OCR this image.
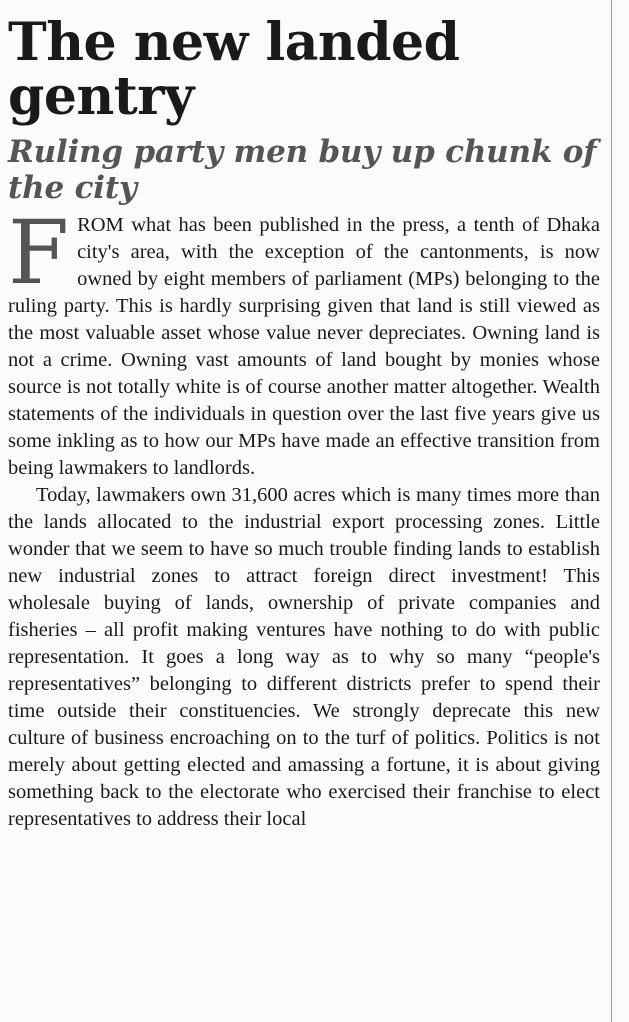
The new landed gentry
Ruling party men buy up chunk of the city

FROM what has been published in the press, a tenth of Dhaka city's area, with the exception of the cantonments, is now owned by eight members of parliament (MPs) belonging to the ruling party. This is hardly surprising given that land is still viewed as the most valuable asset whose value never depreciates. Owning land is not a crime. Owning vast amounts of land bought by monies whose source is not totally white is of course another matter altogether. Wealth statements of the individuals in question over the last five years give us some inkling as to how our MPs have made an effective transition from being lawmakers to landlords.

Today, lawmakers own 31,600 acres which is many times more than the lands allocated to the industrial export processing zones. Little wonder that we seem to have so much trouble finding lands to establish new industrial zones to attract foreign direct investment! This wholesale buying of lands, ownership of private companies and fisheries – all profit making ventures have nothing to do with public representation. It goes a long way as to why so many “people's representatives” belonging to different districts prefer to spend their time outside their constituencies. We strongly deprecate this new culture of business encroaching on to the turf of politics. Politics is not merely about getting elected and amassing a fortune, it is about giving something back to the electorate who exercised their franchise to elect representatives to address their local
